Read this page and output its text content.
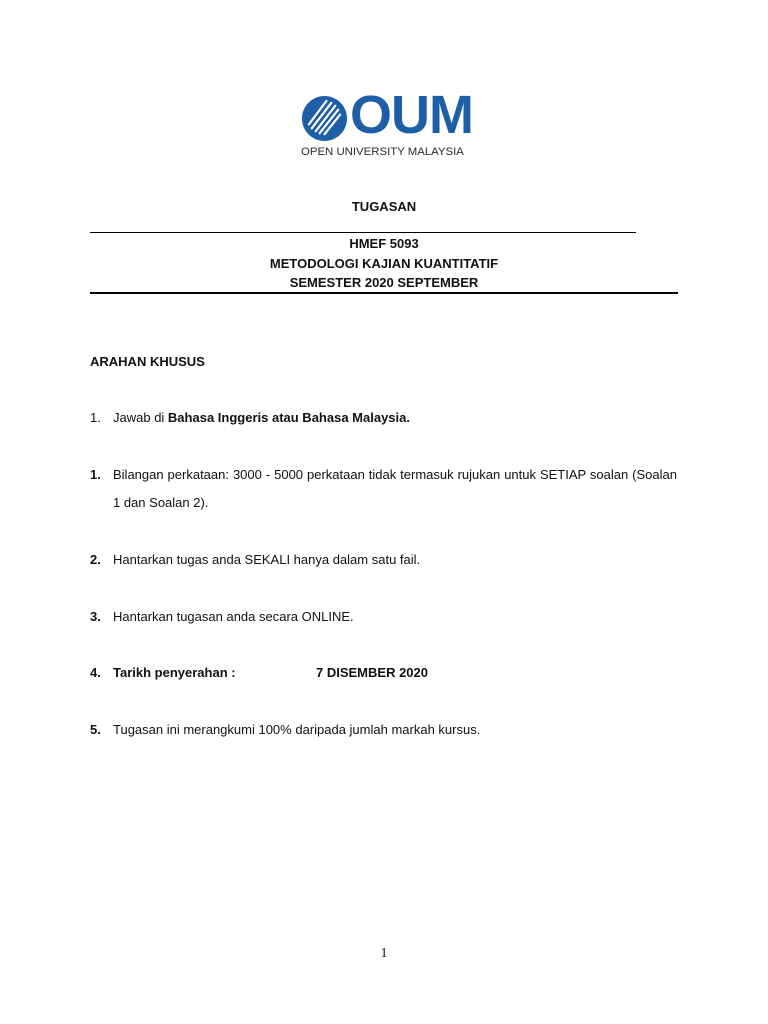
OUM
OPEN UNIVERSITY MALAYSIA
TUGASAN
HMEF 5093
METODOLOGI KAJIAN KUANTITATIF
SEMESTER 2020 SEPTEMBER
ARAHAN KHUSUS
1. Jawab di Bahasa Inggeris atau Bahasa Malaysia.
1. Bilangan perkataan: 3000 - 5000 perkataan tidak termasuk rujukan untuk SETIAP soalan (Soalan 1 dan Soalan 2).
2. Hantarkan tugas anda SEKALI hanya dalam satu fail.
3. Hantarkan tugasan anda secara ONLINE.
4. Tarikh penyerahan :	7 DISEMBER 2020
5. Tugasan ini merangkumi 100% daripada jumlah markah kursus.
1
